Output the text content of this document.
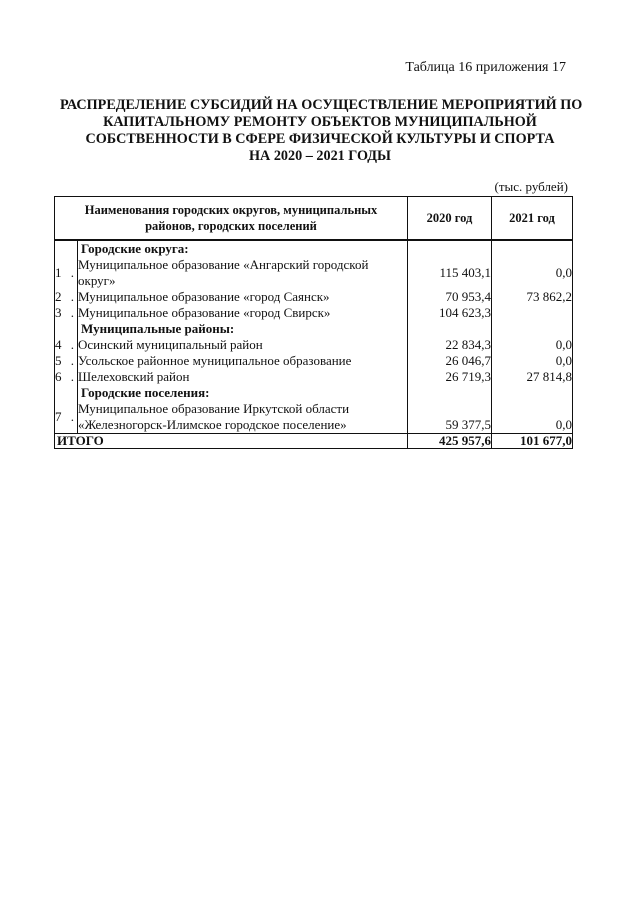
Таблица 16 приложения 17
РАСПРЕДЕЛЕНИЕ СУБСИДИЙ НА ОСУЩЕСТВЛЕНИЕ МЕРОПРИЯТИЙ ПО
КАПИТАЛЬНОМУ РЕМОНТУ ОБЪЕКТОВ МУНИЦИПАЛЬНОЙ
СОБСТВЕННОСТИ В СФЕРЕ ФИЗИЧЕСКОЙ КУЛЬТУРЫ И СПОРТА
НА 2020 – 2021 ГОДЫ
(тыс. рублей)
Наименования городских округов, муниципальных
районов, городских поселений		2020 год	2021 год
	Городские округа:		
1 .	Муниципальное образование «Ангарский городской
округ»	115 403,1	0,0
2 .	Муниципальное образование «город Саянск»	70 953,4	73 862,2
3 .	Муниципальное образование «город Свирск»	104 623,3	
	Муниципальные районы:		
4 .	Осинский муниципальный район	22 834,3	0,0
5 .	Усольское районное муниципальное образование	26 046,7	0,0
6 .	Шелеховский район	26 719,3	27 814,8
	Городские поселения:		
7 .	Муниципальное образование Иркутской области
«Железногорск-Илимское городское поселение»	59 377,5	0,0
ИТОГО		425 957,6	101 677,0
